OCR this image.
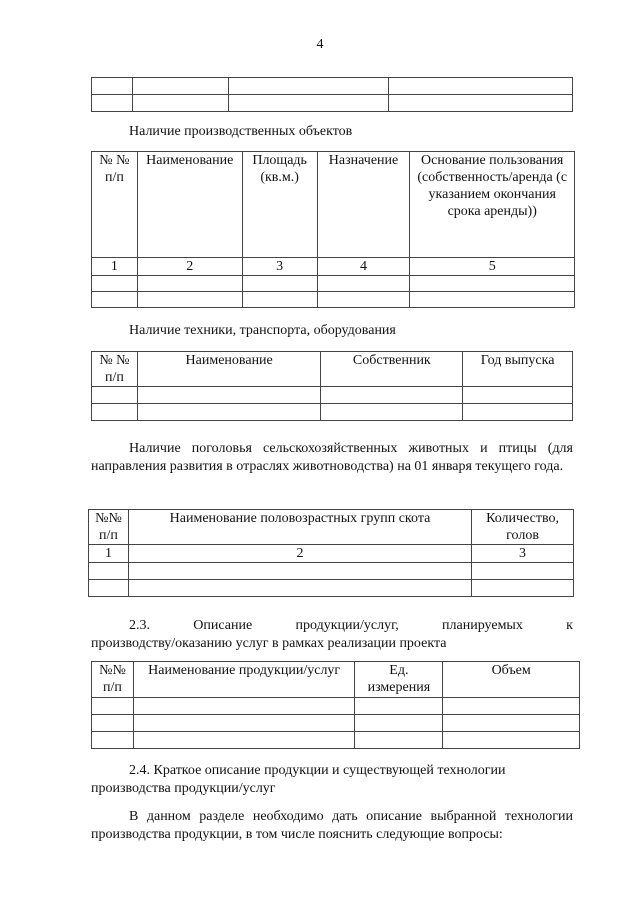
4

Наличие производственных объектов
№ № п/п	Наименование	Площадь (кв.м.)	Назначение	Основание пользования (собственность/аренда (с указанием окончания срока аренды))
1	2	3	4	5

Наличие техники, транспорта, оборудования
№ № п/п	Наименование	Собственник	Год выпуска

Наличие поголовья сельскохозяйственных животных и птицы (для направления развития в отраслях животноводства) на 01 января текущего года.
№№ п/п	Наименование половозрастных групп скота	Количество, голов
1	2	3

2.3.	Описание	продукции/услуг,	планируемых	к
производству/оказанию услуг в рамках реализации проекта
№№ п/п	Наименование продукции/услуг	Ед. измерения	Объем

2.4. Краткое описание продукции и существующей технологии производства продукции/услуг
В данном разделе необходимо дать описание выбранной технологии производства продукции, в том числе пояснить следующие вопросы:
